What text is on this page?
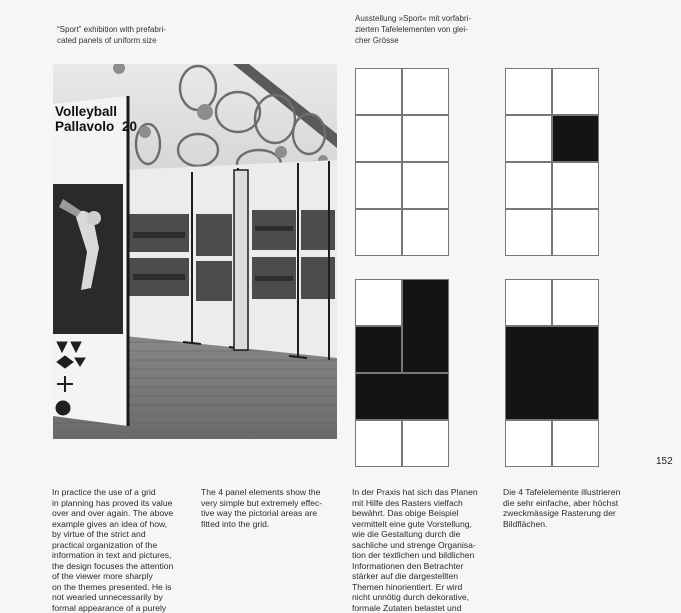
“Sport” exhibition with prefabri-
cated panels of uniform size
Ausstellung »Sport« mit vorfabri-
zierten Tafelelementen von glei-
cher Grösse
Volleyball
Pallavolo 20
152
In practice the use of a grid
in planning has proved its value
over and over again. The above
example gives an idea of how,
by virtue of the strict and
practical organization of the
information in text and pictures,
the design focuses the attention
of the viewer more sharply
on the themes presented. He is
not wearied unnecessarily by
formal appearance of a purely
The 4 panel elements show the
very simple but extremely effec-
tive way the pictorial areas are
fitted into the grid.
In der Praxis hat sich das Planen
mit Hilfe des Rasters vielfach
bewährt. Das obige Beispiel
vermittelt eine gute Vorstellung,
wie die Gestaltung durch die
sachliche und strenge Organisa-
tion der textlichen und bildlichen
Informationen den Betrachter
stärker auf die dargestellten
Themen hinorientiert. Er wird
nicht unnötig durch dekorative,
formale Zutaten belastet und
Die 4 Tafelelemente illustrieren
die sehr einfache, aber höchst
zweckmässige Rasterung der
Bildflächen.
